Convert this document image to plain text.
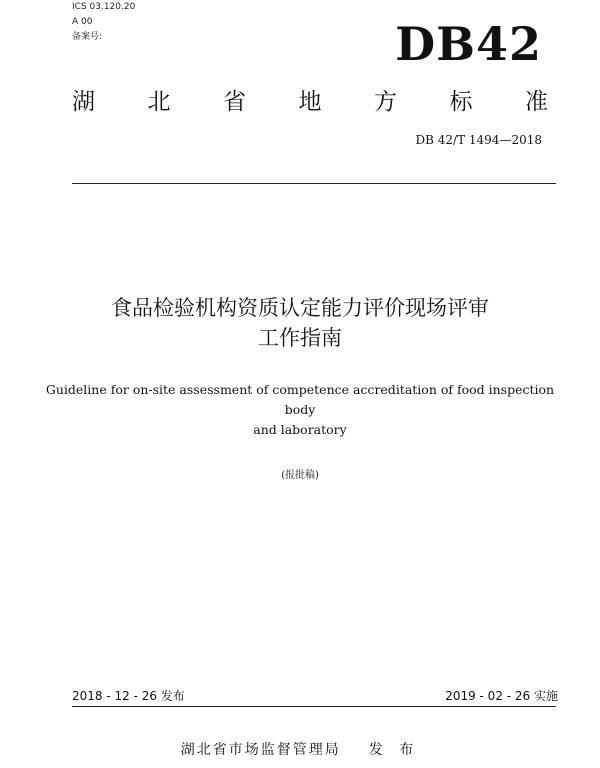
ICS 03.120.20
A 00
备案号:	DB42
湖 北 省 地 方 标 准
DB 42/T 1494—2018
食品检验机构资质认定能力评价现场评审
工作指南
Guideline for on-site assessment of competence accreditation of food inspection body
and laboratory
(报批稿)
2018 - 12 - 26 发布	2019 - 02 - 26 实施
湖北省市场监督管理局 发 布
